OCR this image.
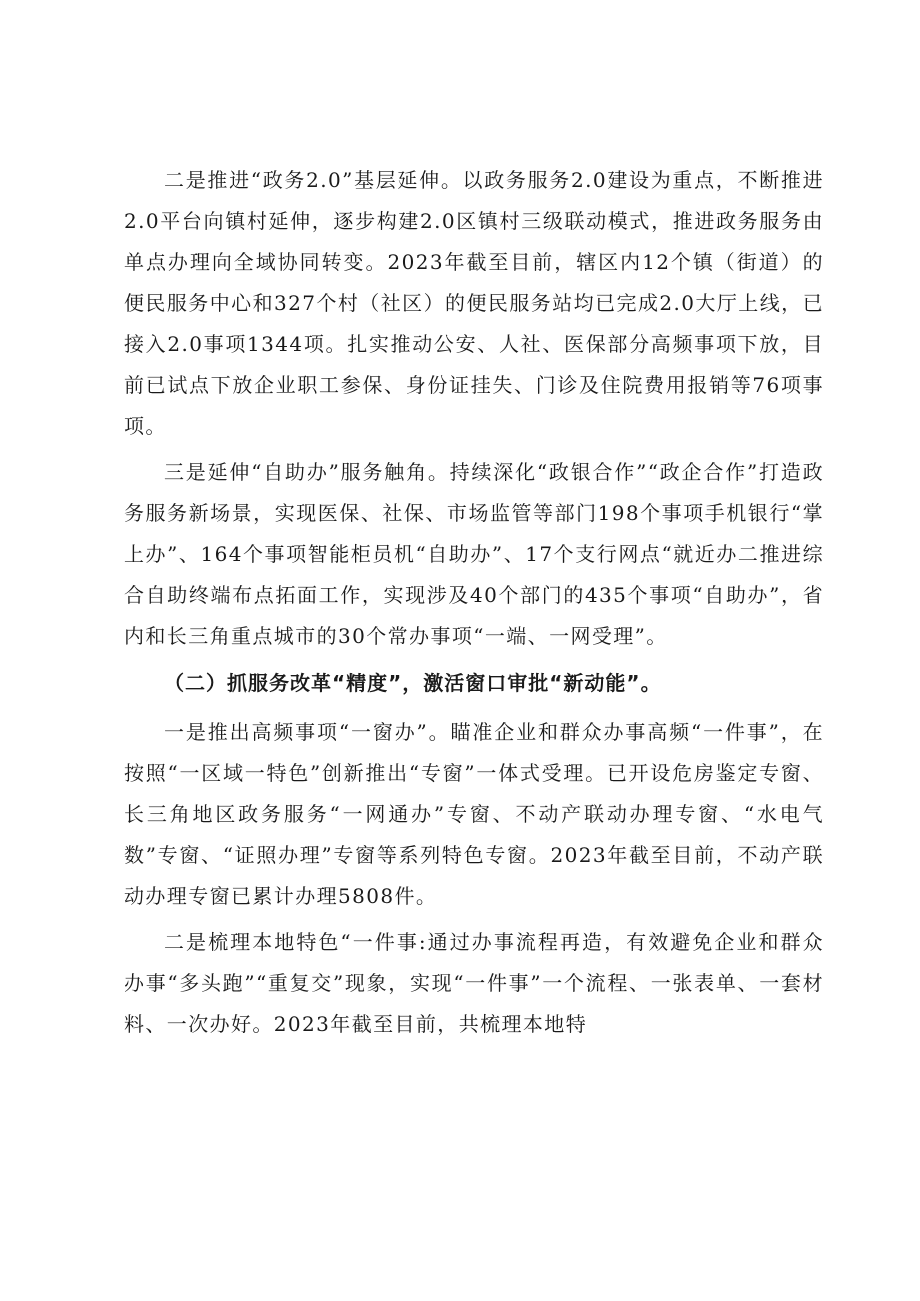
二是推进“政务2.0”基层延伸。以政务服务2.0建设为重点，不断推进2.0平台向镇村延伸，逐步构建2.0区镇村三级联动模式，推进政务服务由单点办理向全域协同转变。2023年截至目前，辖区内12个镇（街道）的便民服务中心和327个村（社区）的便民服务站均已完成2.0大厅上线，已接入2.0事项1344项。扎实推动公安、人社、医保部分高频事项下放，目前已试点下放企业职工参保、身份证挂失、门诊及住院费用报销等76项事项。

三是延伸“自助办”服务触角。持续深化“政银合作”“政企合作”打造政务服务新场景，实现医保、社保、市场监管等部门198个事项手机银行“掌上办”、164个事项智能柜员机“自助办”、17个支行网点“就近办二推进综合自助终端布点拓面工作，实现涉及40个部门的435个事项“自助办”，省内和长三角重点城市的30个常办事项“一端、一网受理”。

（二）抓服务改革“精度”，激活窗口审批“新动能”。

一是推出高频事项“一窗办”。瞄准企业和群众办事高频“一件事”，在按照“一区域一特色”创新推出“专窗”一体式受理。已开设危房鉴定专窗、长三角地区政务服务“一网通办”专窗、不动产联动办理专窗、“水电气数”专窗、“证照办理”专窗等系列特色专窗。2023年截至目前，不动产联动办理专窗已累计办理5808件。

二是梳理本地特色“一件事:通过办事流程再造，有效避免企业和群众办事“多头跑”“重复交”现象，实现“一件事”一个流程、一张表单、一套材料、一次办好。2023年截至目前，共梳理本地特
